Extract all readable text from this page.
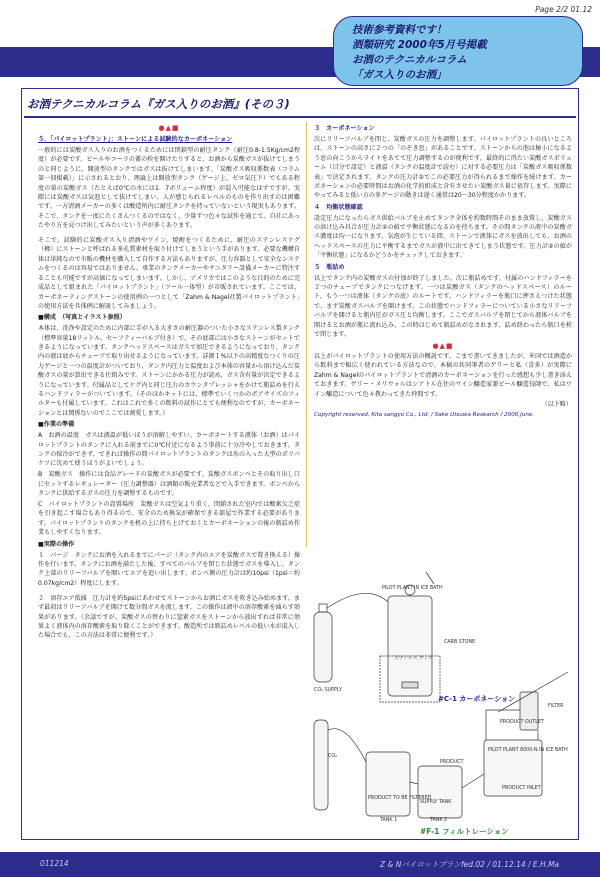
Page 2/2 01.12
技術参考資料です！
酒類研究 2000年5月号掲載
お酒のテクニカルコラム
「ガス入りのお酒」
お酒テクニカルコラム『ガス入りのお酒』(その３)
●▲■

５．「パイロットプラント」：ストーンによる試験的なカーボネーション

一般的には炭酸ガス入りのお酒をつくるためには閉鎖型の耐圧タンク（耐圧0.8-1.5Kg/cm2程度）が必要です。ビールやコーラの蓋の栓を開けたりすると、お酒から炭酸ガスが抜けてしまうのと同じように、開放型のタンクではガスは抜けてしまいます。「炭酸ガス吸収係数表（コラム第一回掲載）」に示されるとおり、理論上は開放型タンク（ゲージ上、ゼロ気圧下）でもある程度の量の炭酸ガス（たとえば0℃の水には1．7ボリューム程度）が混入可能なはずですが、実際には炭酸ガスは気泡として抜けてしまい、人が感じられるレベルのものを作り出すのは困難です。一方清酒メーカーの多くは酸造所内に耐圧タンクを持っていないという現実もあります。そこで、タンクを一度にたくさんつくるのではなく、少量ずつ色々な試作を通じて、自社にあったやり方を見つけ出してみたいという声が多くあります。

そこで、試験的に炭酸ガス入り清酒やワイン、焼酎をつくるために、耐圧のステンレスケグ（樽）にストーンと呼ばれる多孔質素材を取り付けてしまうという手があります。必要な機構自体は単純なので市販の機材を購入して自作する方法もありますが、圧力容器として安全なシステムをつくるのは容易ではありません。専業のタンクメーカーやサニタリー設備メーカーに特注することも可能ですが高価になってしまいます。しかし、アメリカではこのような目的のために完成品として組まれた「パイロットプラント」（ツール一体型）が市販されています。ここでは、カーボネーティングストーンの使用例の一つとして「Zahm & Nagel社製パイロットプラント」の使用方法を具体例に解説してみましょう。

■構成　（写真とイラスト参照）

本体は、洗浄や設定のために内部に手が入る大きさの耐圧器のついた小さなステンレス製タンク（標準容量18リットル、セーフティーバルブ付き）で、その底部には小さなストーンがセットできるようになっています。タンクヘッドスペースはガスで加圧できるようになっており、タンク内の液は底からチューブで取り出せるようになっています。詳細１%以下の高精度なつくりの圧力ゲージと一つの温度計がついており、タンク内圧力と温度および本体の容量から溶け込んだ炭酸ガスの量が算出できる仕組みです。ストーンにかかる圧力が読め、ガス含有量が決定できるようになっています。付属品としてケグ内と同じ圧力のカウンタプレッシャをかけて瓶詰めを行えるハンドフィラーがついています。（そのほかキットには、標準でいくつかのポアサイズのフィルターも付属しています。これはこれで多くの飲料の試作にとても便利なのですが、カーボネーションとは関係ないのでここでは割愛します。）

■作業の準備

A　お酒の温度　ガスは液温が低いほうが溶解しやすい。カーボネートする液体（お酒）はパイロットプラントのタンクに入れる前までに0℃付近になるよう事前に十分冷やしておきます。タンクの保冷ができず、できれば操作の間パイロットプラントのタンクは氷の入った大型のポリバケツに沈めて使うほうがよいでしょう。

B　炭酸ガス　操作には食品グレードの炭酸ガスが必要です。炭酸ガスボンベとその取り出し口にセットするレギュレーター（圧力調整器）は酒類の販売業者などで入手できます。ボンベからタンクに供給するガスの圧力を調整するものです。

C　パイロットプラントの設置場所　炭酸ガスは空気より重く、閉鎖された室内では酸素欠乏症を引き起こす場合もあり得るので、安全のため換気が確保できる部屋で作業する必要があります。パイロットプラントのタンクを机の上に持ち上げておくとカーボネーションの後の瓶詰め作業もしやすくなります。

■実際の操作

１　パージ　タンクにお酒を入れるまでにパージ（タンク内のエアを炭酸ガスで置き換える）操作を行います。タンクにお酒を満たした後、すべてのバルブを閉じた状態でガスを導入し、タンク上部のリリーフバルブを開いてエアを追い出します。ボンベ側の圧力計は約10psi（1psi＝約0.07kg/cm2）程度にします。

２　溶存エア低減　圧力計を約5psiにあわせてストーンからお酒にガスを吹き込み始めます。まず最初はリリーフバルブを開けて数分間ガスを流します。この操作は液中の溶存酸素を減らす効果があります。（余談ですが、炭酸ガスの替わりに窒素ガスをストーンから放出すれば非常に効果よく液体内の溶存酸素を取り除くことができます。酸造所では瓶詰めレベルの低い水が混入した場合でも、この方法は非常に便利です。）

３　カーボネーション

次にリリーフバルブを閉じ、炭酸ガスの圧力を調整します。パイロットプラントの良いところは、ストーンの高さに２つの「のぞき窓」があることです。ストーンからの泡は極小になるよう窓の向こうからライトをあてて圧力調整するのが便利です。最終的に得たい炭酸ガスボリューム（目分で設定）と液温（タンクの温度計で読む）に対する必要圧力は「炭酸ガス吸収係数表」で決定されます。タンクの圧力計②でこの必要圧力が得られるまで操作を続けます。カーボネーションの必要時間はお酒の化学的組成と含有させたい炭酸ガス量に依存します。実際にやってみると低い方の多ゲージの動きは遅く通常は20〜30分程度かかります。

４　均衡状態確認

設定圧力になったらガス供給バルブを止めてタンク全体を約数時間そのまま放置し、炭酸ガスの溶け込み具合が圧力計②の値で平衡状態になるのを待ちます。その間タンクの液中の炭酸ガス濃度は均一になります。気泡が生じている間、ストーンで液体にガスを放出しても、お酒のヘッドスペースの圧力に平衡するまでガスが液中に出てきてしまう状態です。圧力計②の値が「平衡状態」になるかどうかをチェックしておきます。

５　瓶詰め

以上でタンク内の炭酸ガスの付加が終了しました。次に瓶詰めです。付属のハンドフィラーを２つのチューブでタンクにつなげます。一つは炭酸ガス（タンクのヘッドスペース）のルート、もう一つは液体（タンクの底）のルートです。ハンドフィラーを瓶口に押さえつけた状態で、まず炭酸ガスバルブを開けます。この状態でハンドフィラーについている小さなリリーフバルブを開けると瓶内圧がガス圧と均衡します。ここでガスバルブを閉じてから液体バルブを開けるとお酒が瓶に流れ込み、この時はじめて瓶詰めがなされます。詰め終わったら瓶口を栓で閉じます。

●▲■

以上がパイロットプラントの使用方法の概説です。こまで書いてきましたが、米国では酒造から飲料まで幅広く使われている方法なので、本稿の共同筆者のゲリーと私（喜多）が実際にZahm & Nagelのパイロットプラントで清酒のカーボネーションを行った感想も少し書き添えておきます。ゲリー・メリウォルはシアトル在住のワイン醸造家兼ビール醸造技師で、私はワイン醸造について色々教わってきた仲間です。

（以下略）

Copyright reserved, Kita sangyo Co., Ltd. / Sake Utsuwa Research / 2000.June.

PILOT PLANT IN ICE BATH
CO₂ SUPPLY
ステンレス タンク
CARB STONE
FILTER
PRODUCT OUTLET
PRODUCT TO BE FILTERED
SUPPLY TANK
PRODUCT
TANK 1	TANK 2
PILOT PLANT 8000-N IN ICE BATH
PRODUCT INLET
CO₂
#C-1 カーボネーション
#F-1 フィルトレーション
011214	Z & Nパイロットプランfed.02 / 01.12.14 / E.H.Ma
